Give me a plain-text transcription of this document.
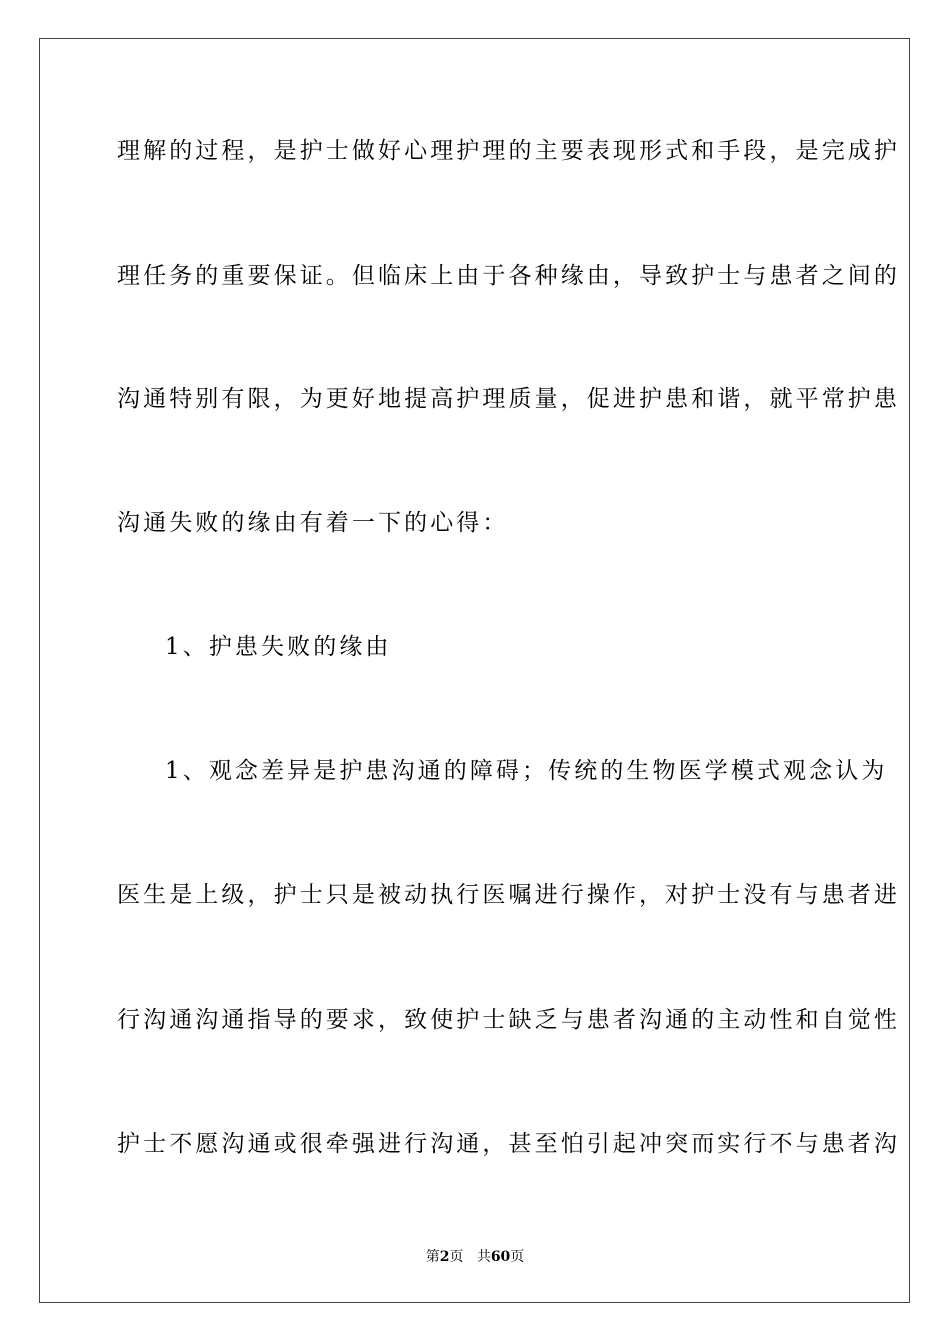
理解的过程，是护士做好心理护理的主要表现形式和手段，是完成护
理任务的重要保证。但临床上由于各种缘由，导致护士与患者之间的
沟通特别有限，为更好地提高护理质量，促进护患和谐，就平常护患
沟通失败的缘由有着一下的心得：
1、护患失败的缘由
1、观念差异是护患沟通的障碍；传统的生物医学模式观念认为
医生是上级，护士只是被动执行医嘱进行操作，对护士没有与患者进
行沟通沟通指导的要求，致使护士缺乏与患者沟通的主动性和自觉性
护士不愿沟通或很牵强进行沟通，甚至怕引起冲突而实行不与患者沟
第2页 共60页
